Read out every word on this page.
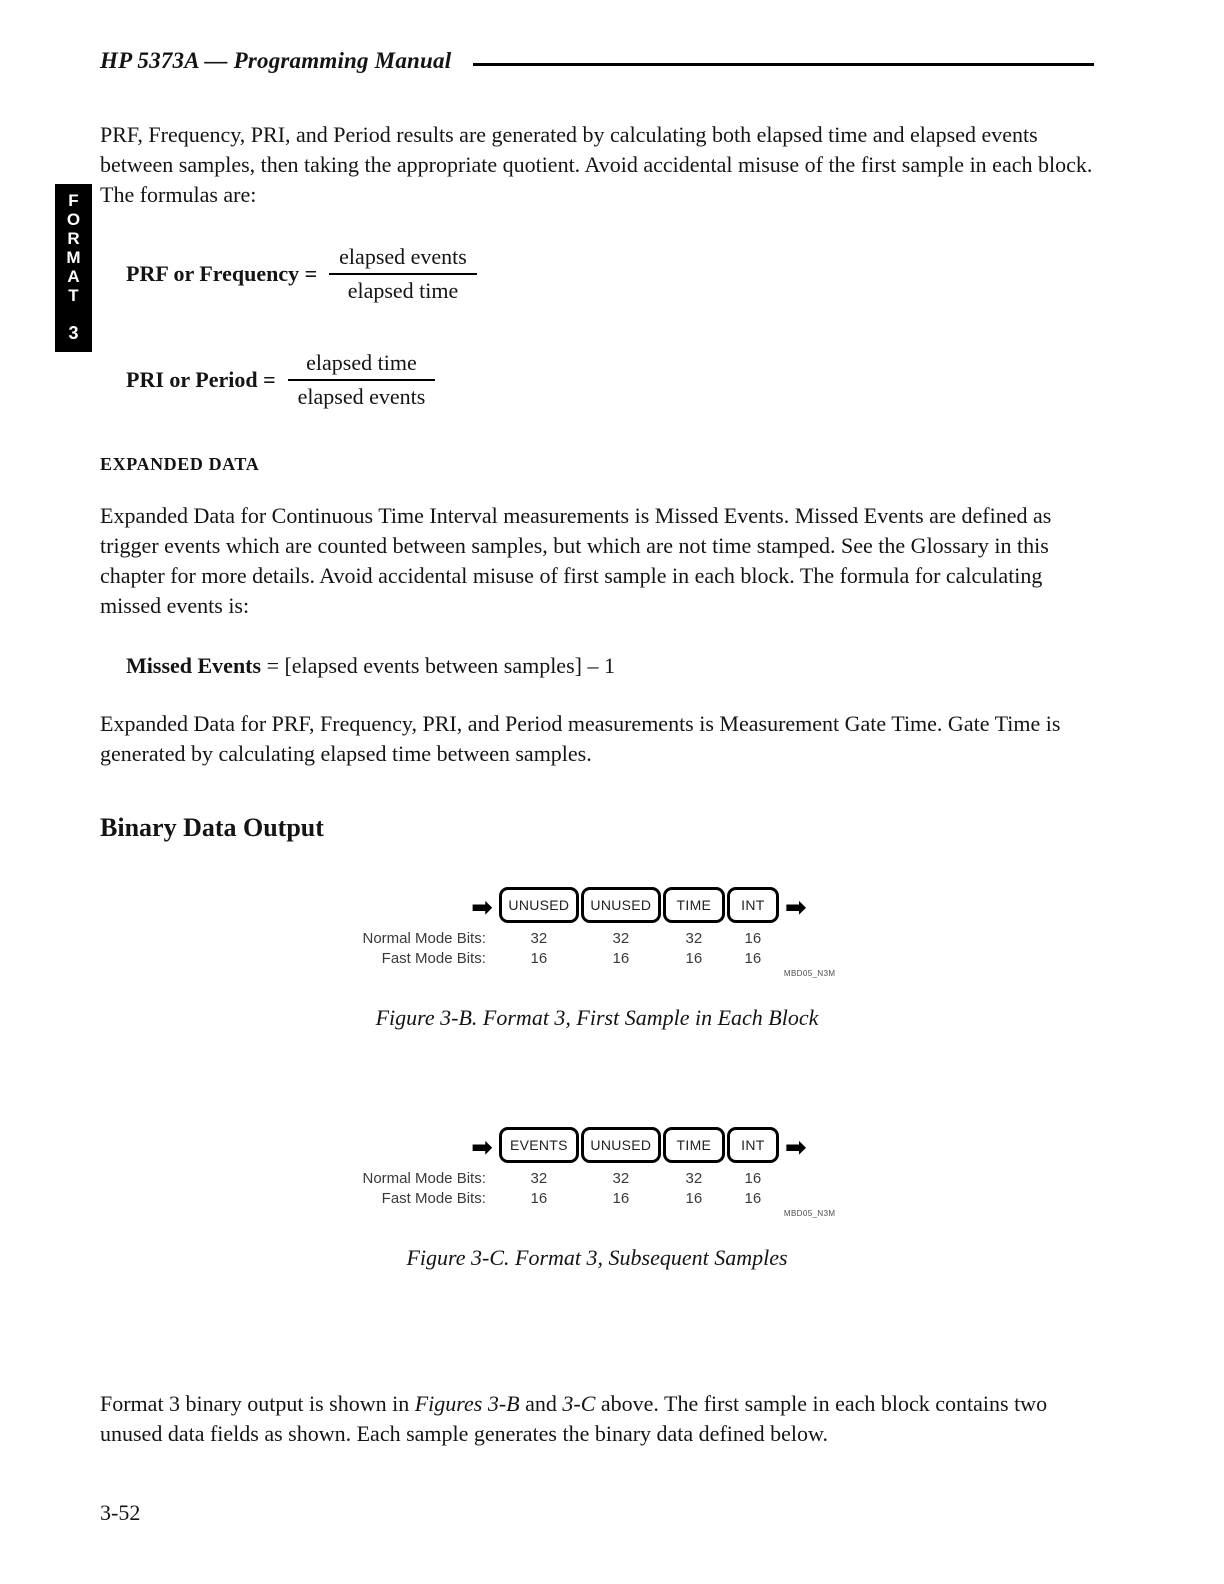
HP 5373A — Programming Manual
F
O
R
M
A
T
3

PRF, Frequency, PRI, and Period results are generated by calculating both elapsed time and elapsed events between samples, then taking the appropriate quotient. Avoid accidental misuse of the first sample in each block. The formulas are:

PRF or Frequency = $\frac{\text{elapsed events}}{\text{elapsed time}}$
PRI or Period = $\frac{\text{elapsed time}}{\text{elapsed events}}$
EXPANDED DATA

Expanded Data for Continuous Time Interval measurements is Missed Events. Missed Events are defined as trigger events which are counted between samples, but which are not time stamped. See the Glossary in this chapter for more details. Avoid accidental misuse of first sample in each block. The formula for calculating missed events is:

Missed Events = [elapsed events between samples] – 1

Expanded Data for PRF, Frequency, PRI, and Period measurements is Measurement Gate Time. Gate Time is generated by calculating elapsed time between samples.

Binary Data Output
➡	UNUSED	UNUSED	TIME	INT ➡
Normal Mode Bits:	32	32	32	16
Fast Mode Bits:	16	16	16	16
MBD05_N3M
Figure 3-B. Format 3, First Sample in Each Block
➡	EVENTS	UNUSED	TIME	INT ➡
Normal Mode Bits:	32	32	32	16
Fast Mode Bits:	16	16	16	16
MBD05_N3M
Figure 3-C. Format 3, Subsequent Samples

Format 3 binary output is shown in Figures 3-B and 3-C above. The first sample in each block contains two unused data fields as shown. Each sample generates the binary data defined below.

3-52
